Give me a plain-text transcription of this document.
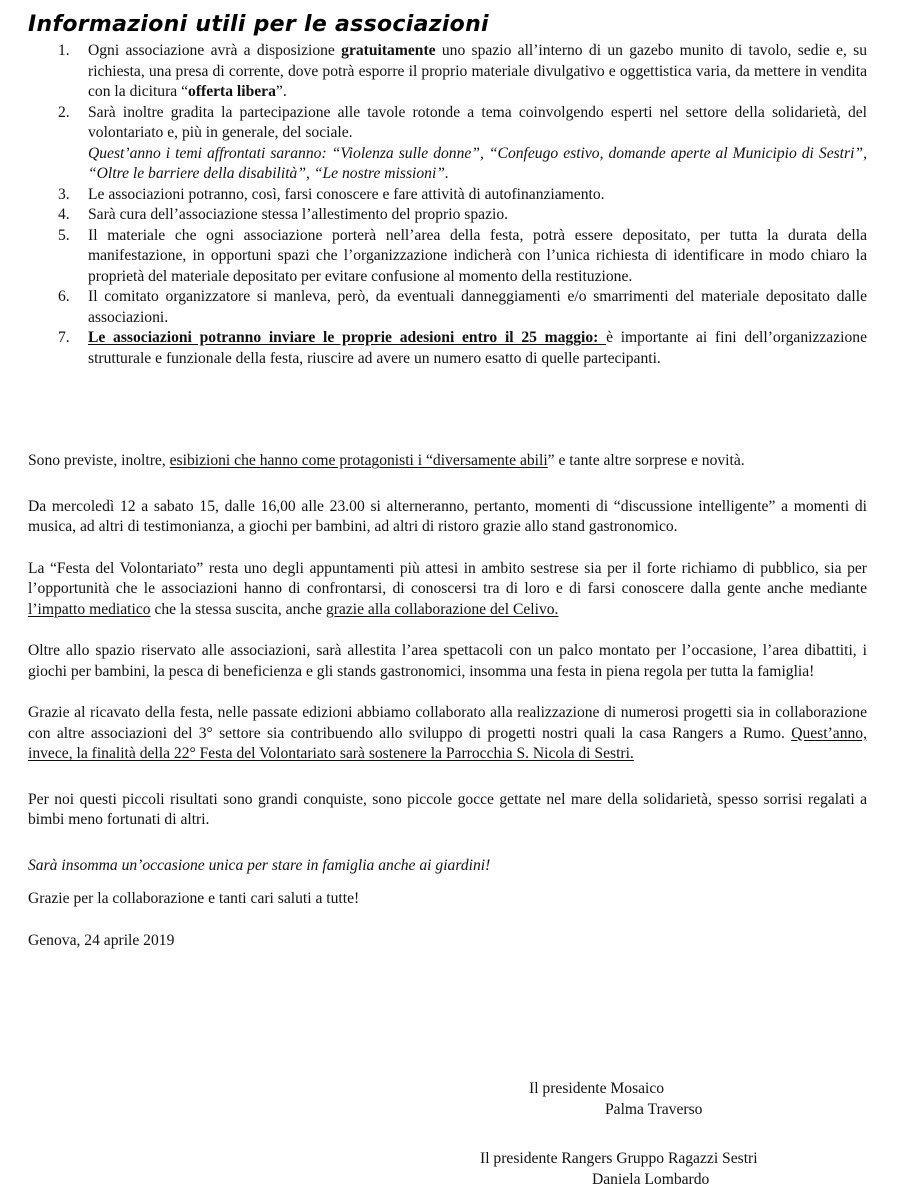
Informazioni utili per le associazioni
1. Ogni associazione avrà a disposizione gratuitamente uno spazio all’interno di un gazebo munito di tavolo, sedie e, su richiesta, una presa di corrente, dove potrà esporre il proprio materiale divulgativo e oggettistica varia, da mettere in vendita con la dicitura “offerta libera”.
2. Sarà inoltre gradita la partecipazione alle tavole rotonde a tema coinvolgendo esperti nel settore della solidarietà, del volontariato e, più in generale, del sociale.
Quest’anno i temi affrontati saranno: “Violenza sulle donne”, “Confeugo estivo, domande aperte al Municipio di Sestri”, “Oltre le barriere della disabilità”, “Le nostre missioni”.
3. Le associazioni potranno, così, farsi conoscere e fare attività di autofinanziamento.
4. Sarà cura dell’associazione stessa l’allestimento del proprio spazio.
5. Il materiale che ogni associazione porterà nell’area della festa, potrà essere depositato, per tutta la durata della manifestazione, in opportuni spazi che l’organizzazione indicherà con l’unica richiesta di identificare in modo chiaro la proprietà del materiale depositato per evitare confusione al momento della restituzione.
6. Il comitato organizzatore si manleva, però, da eventuali danneggiamenti e/o smarrimenti del materiale depositato dalle associazioni.
7. Le associazioni potranno inviare le proprie adesioni entro il 25 maggio: è importante ai fini dell’organizzazione strutturale e funzionale della festa, riuscire ad avere un numero esatto di quelle partecipanti.

Sono previste, inoltre, esibizioni che hanno come protagonisti i “diversamente abili” e tante altre sorprese e novità.

Da mercoledì 12 a sabato 15, dalle 16,00 alle 23.00 si alterneranno, pertanto, momenti di “discussione intelligente” a momenti di musica, ad altri di testimonianza, a giochi per bambini, ad altri di ristoro grazie allo stand gastronomico.

La “Festa del Volontariato” resta uno degli appuntamenti più attesi in ambito sestrese sia per il forte richiamo di pubblico, sia per l’opportunità che le associazioni hanno di confrontarsi, di conoscersi tra di loro e di farsi conoscere dalla gente anche mediante l’impatto mediatico che la stessa suscita, anche grazie alla collaborazione del Celivo.

Oltre allo spazio riservato alle associazioni, sarà allestita l’area spettacoli con un palco montato per l’occasione, l’area dibattiti, i giochi per bambini, la pesca di beneficienza e gli stands gastronomici, insomma una festa in piena regola per tutta la famiglia!

Grazie al ricavato della festa, nelle passate edizioni abbiamo collaborato alla realizzazione di numerosi progetti sia in collaborazione con altre associazioni del 3° settore sia contribuendo allo sviluppo di progetti nostri quali la casa Rangers a Rumo. Quest’anno, invece, la finalità della 22° Festa del Volontariato sarà sostenere la Parrocchia S. Nicola di Sestri.

Per noi questi piccoli risultati sono grandi conquiste, sono piccole gocce gettate nel mare della solidarietà, spesso sorrisi regalati a bimbi meno fortunati di altri.

Sarà insomma un’occasione unica per stare in famiglia anche ai giardini!

Grazie per la collaborazione e tanti cari saluti a tutte!

Genova, 24 aprile 2019

Il presidente Mosaico
Palma Traverso
Il presidente Rangers Gruppo Ragazzi Sestri
Daniela Lombardo
